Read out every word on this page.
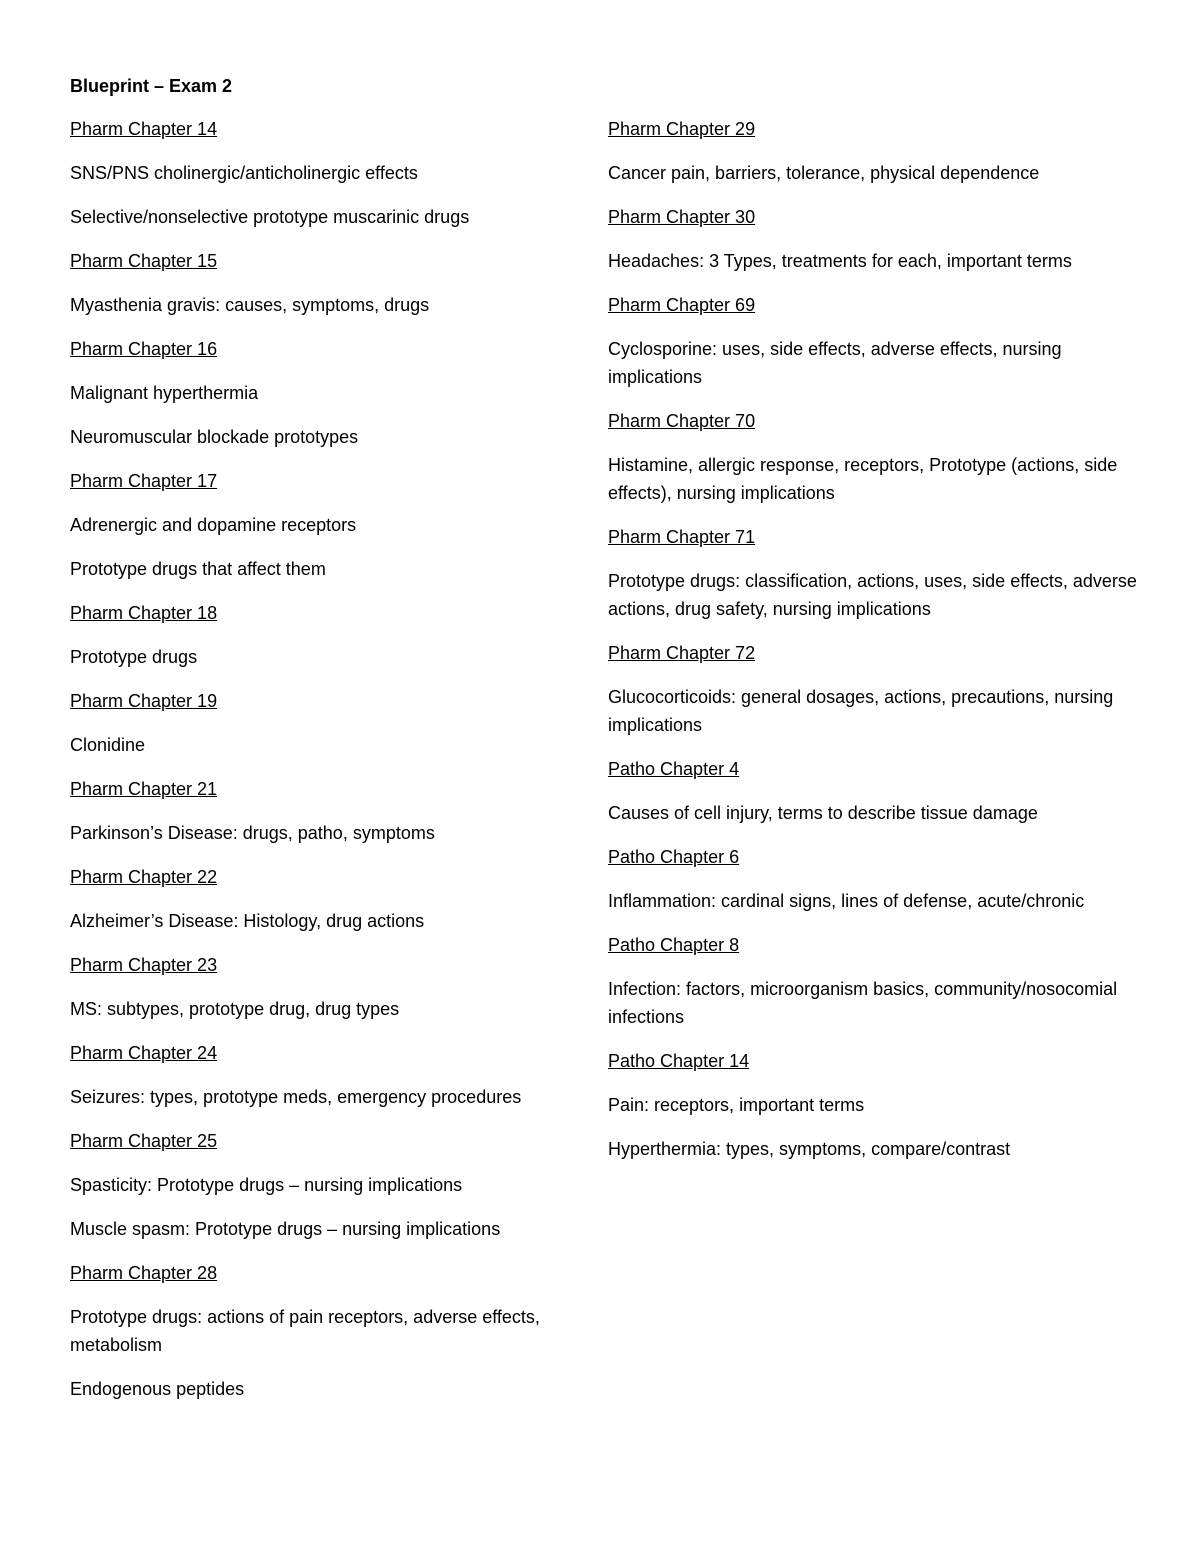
Blueprint – Exam 2
Pharm Chapter 14
SNS/PNS cholinergic/anticholinergic effects
Selective/nonselective prototype muscarinic drugs
Pharm Chapter 15
Myasthenia gravis: causes, symptoms, drugs
Pharm Chapter 16
Malignant hyperthermia
Neuromuscular blockade prototypes
Pharm Chapter 17
Adrenergic and dopamine receptors
Prototype drugs that affect them
Pharm Chapter 18
Prototype drugs
Pharm Chapter 19
Clonidine
Pharm Chapter 21
Parkinson’s Disease: drugs, patho, symptoms
Pharm Chapter 22
Alzheimer’s Disease: Histology, drug actions
Pharm Chapter 23
MS: subtypes, prototype drug, drug types
Pharm Chapter 24
Seizures: types, prototype meds, emergency procedures
Pharm Chapter 25
Spasticity: Prototype drugs – nursing implications
Muscle spasm: Prototype drugs – nursing implications
Pharm Chapter 28
Prototype drugs: actions of pain receptors, adverse effects, metabolism
Endogenous peptides
Pharm Chapter 29
Cancer pain, barriers, tolerance, physical dependence
Pharm Chapter 30
Headaches: 3 Types, treatments for each, important terms
Pharm Chapter 69
Cyclosporine: uses, side effects, adverse effects, nursing implications
Pharm Chapter 70
Histamine, allergic response, receptors, Prototype (actions, side effects), nursing implications
Pharm Chapter 71
Prototype drugs: classification, actions, uses, side effects, adverse actions, drug safety, nursing implications
Pharm Chapter 72
Glucocorticoids: general dosages, actions, precautions, nursing implications
Patho Chapter 4
Causes of cell injury, terms to describe tissue damage
Patho Chapter 6
Inflammation: cardinal signs, lines of defense, acute/chronic
Patho Chapter 8
Infection: factors, microorganism basics, community/nosocomial infections
Patho Chapter 14
Pain: receptors, important terms
Hyperthermia: types, symptoms, compare/contrast
